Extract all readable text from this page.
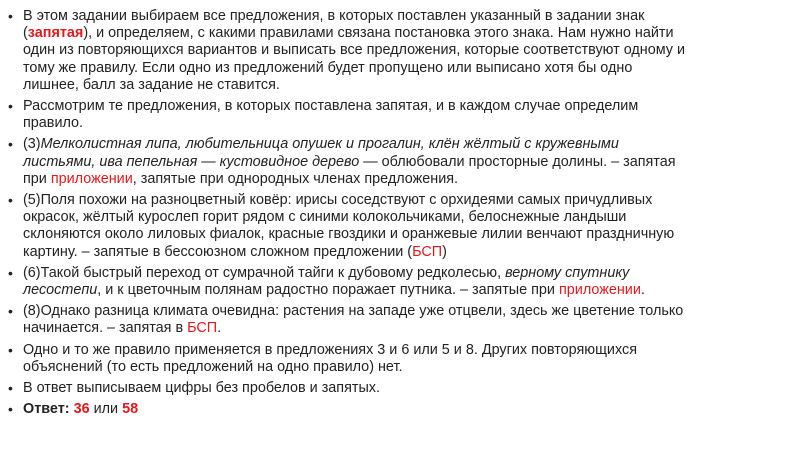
• В этом задании выбираем все предложения, в которых поставлен указанный в задании знак
(запятая), и определяем, с какими правилами связана постановка этого знака. Нам нужно найти
один из повторяющихся вариантов и выписать все предложения, которые соответствуют одному и
тому же правилу. Если одно из предложений будет пропущено или выписано хотя бы одно
лишнее, балл за задание не ставится.
• Рассмотрим те предложения, в которых поставлена запятая, и в каждом случае определим
правило.
• (3)Мелколистная липа, любительница опушек и прогалин, клён жёлтый с кружевными
листьями, ива пепельная — кустовидное дерево — облюбовали просторные долины. – запятая
при приложении, запятые при однородных членах предложения.
• (5)Поля похожи на разноцветный ковёр: ирисы соседствуют с орхидеями самых причудливых
окрасок, жёлтый куроcлеп горит рядом с синими колокольчиками, белоснежные ландыши
склоняются около лиловых фиалок, красные гвоздики и оранжевые лилии венчают праздничную
картину. – запятые в бессоюзном сложном предложении (БСП)
• (6)Такой быстрый переход от сумрачной тайги к дубовому редколесью, верному спутнику
лесостепи, и к цветочным полянам радостно поражает путника. – запятые при приложении.
• (8)Однако разница климата очевидна: растения на западе уже отцвели, здесь же цветение только
начинается. – запятая в БСП.
• Одно и то же правило применяется в предложениях 3 и 6 или 5 и 8. Других повторяющихся
объяснений (то есть предложений на одно правило) нет.
• В ответ выписываем цифры без пробелов и запятых.
• Ответ: 36 или 58
